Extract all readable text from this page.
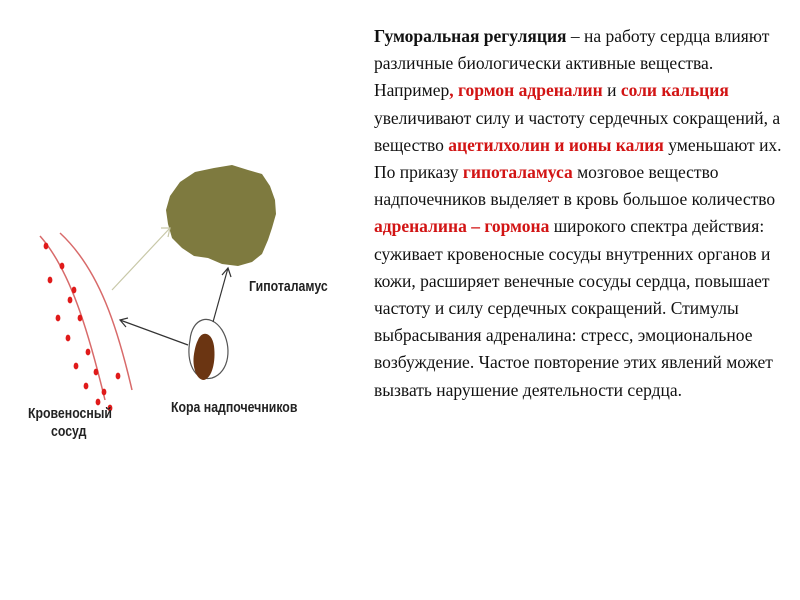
Гипоталамус
Кора надпочечников
Кровеносный
сосуд
Гуморальная регуляция – на работу сердца влияют различные биологически активные вещества. Например, гормон адреналин и соли кальция увеличивают силу и частоту сердечных сокращений, а вещество ацетилхолин и ионы калия уменьшают их. По приказу гипоталамуса мозговое вещество надпочечников выделяет в кровь большое количество адреналина – гормона широкого спектра действия: суживает кровеносные сосуды внутренних органов и кожи, расширяет венечные сосуды сердца, повышает частоту и силу сердечных сокращений. Стимулы выбрасывания адреналина: стресс, эмоциональное возбуждение. Частое повторение этих явлений может вызвать нарушение деятельности сердца.
